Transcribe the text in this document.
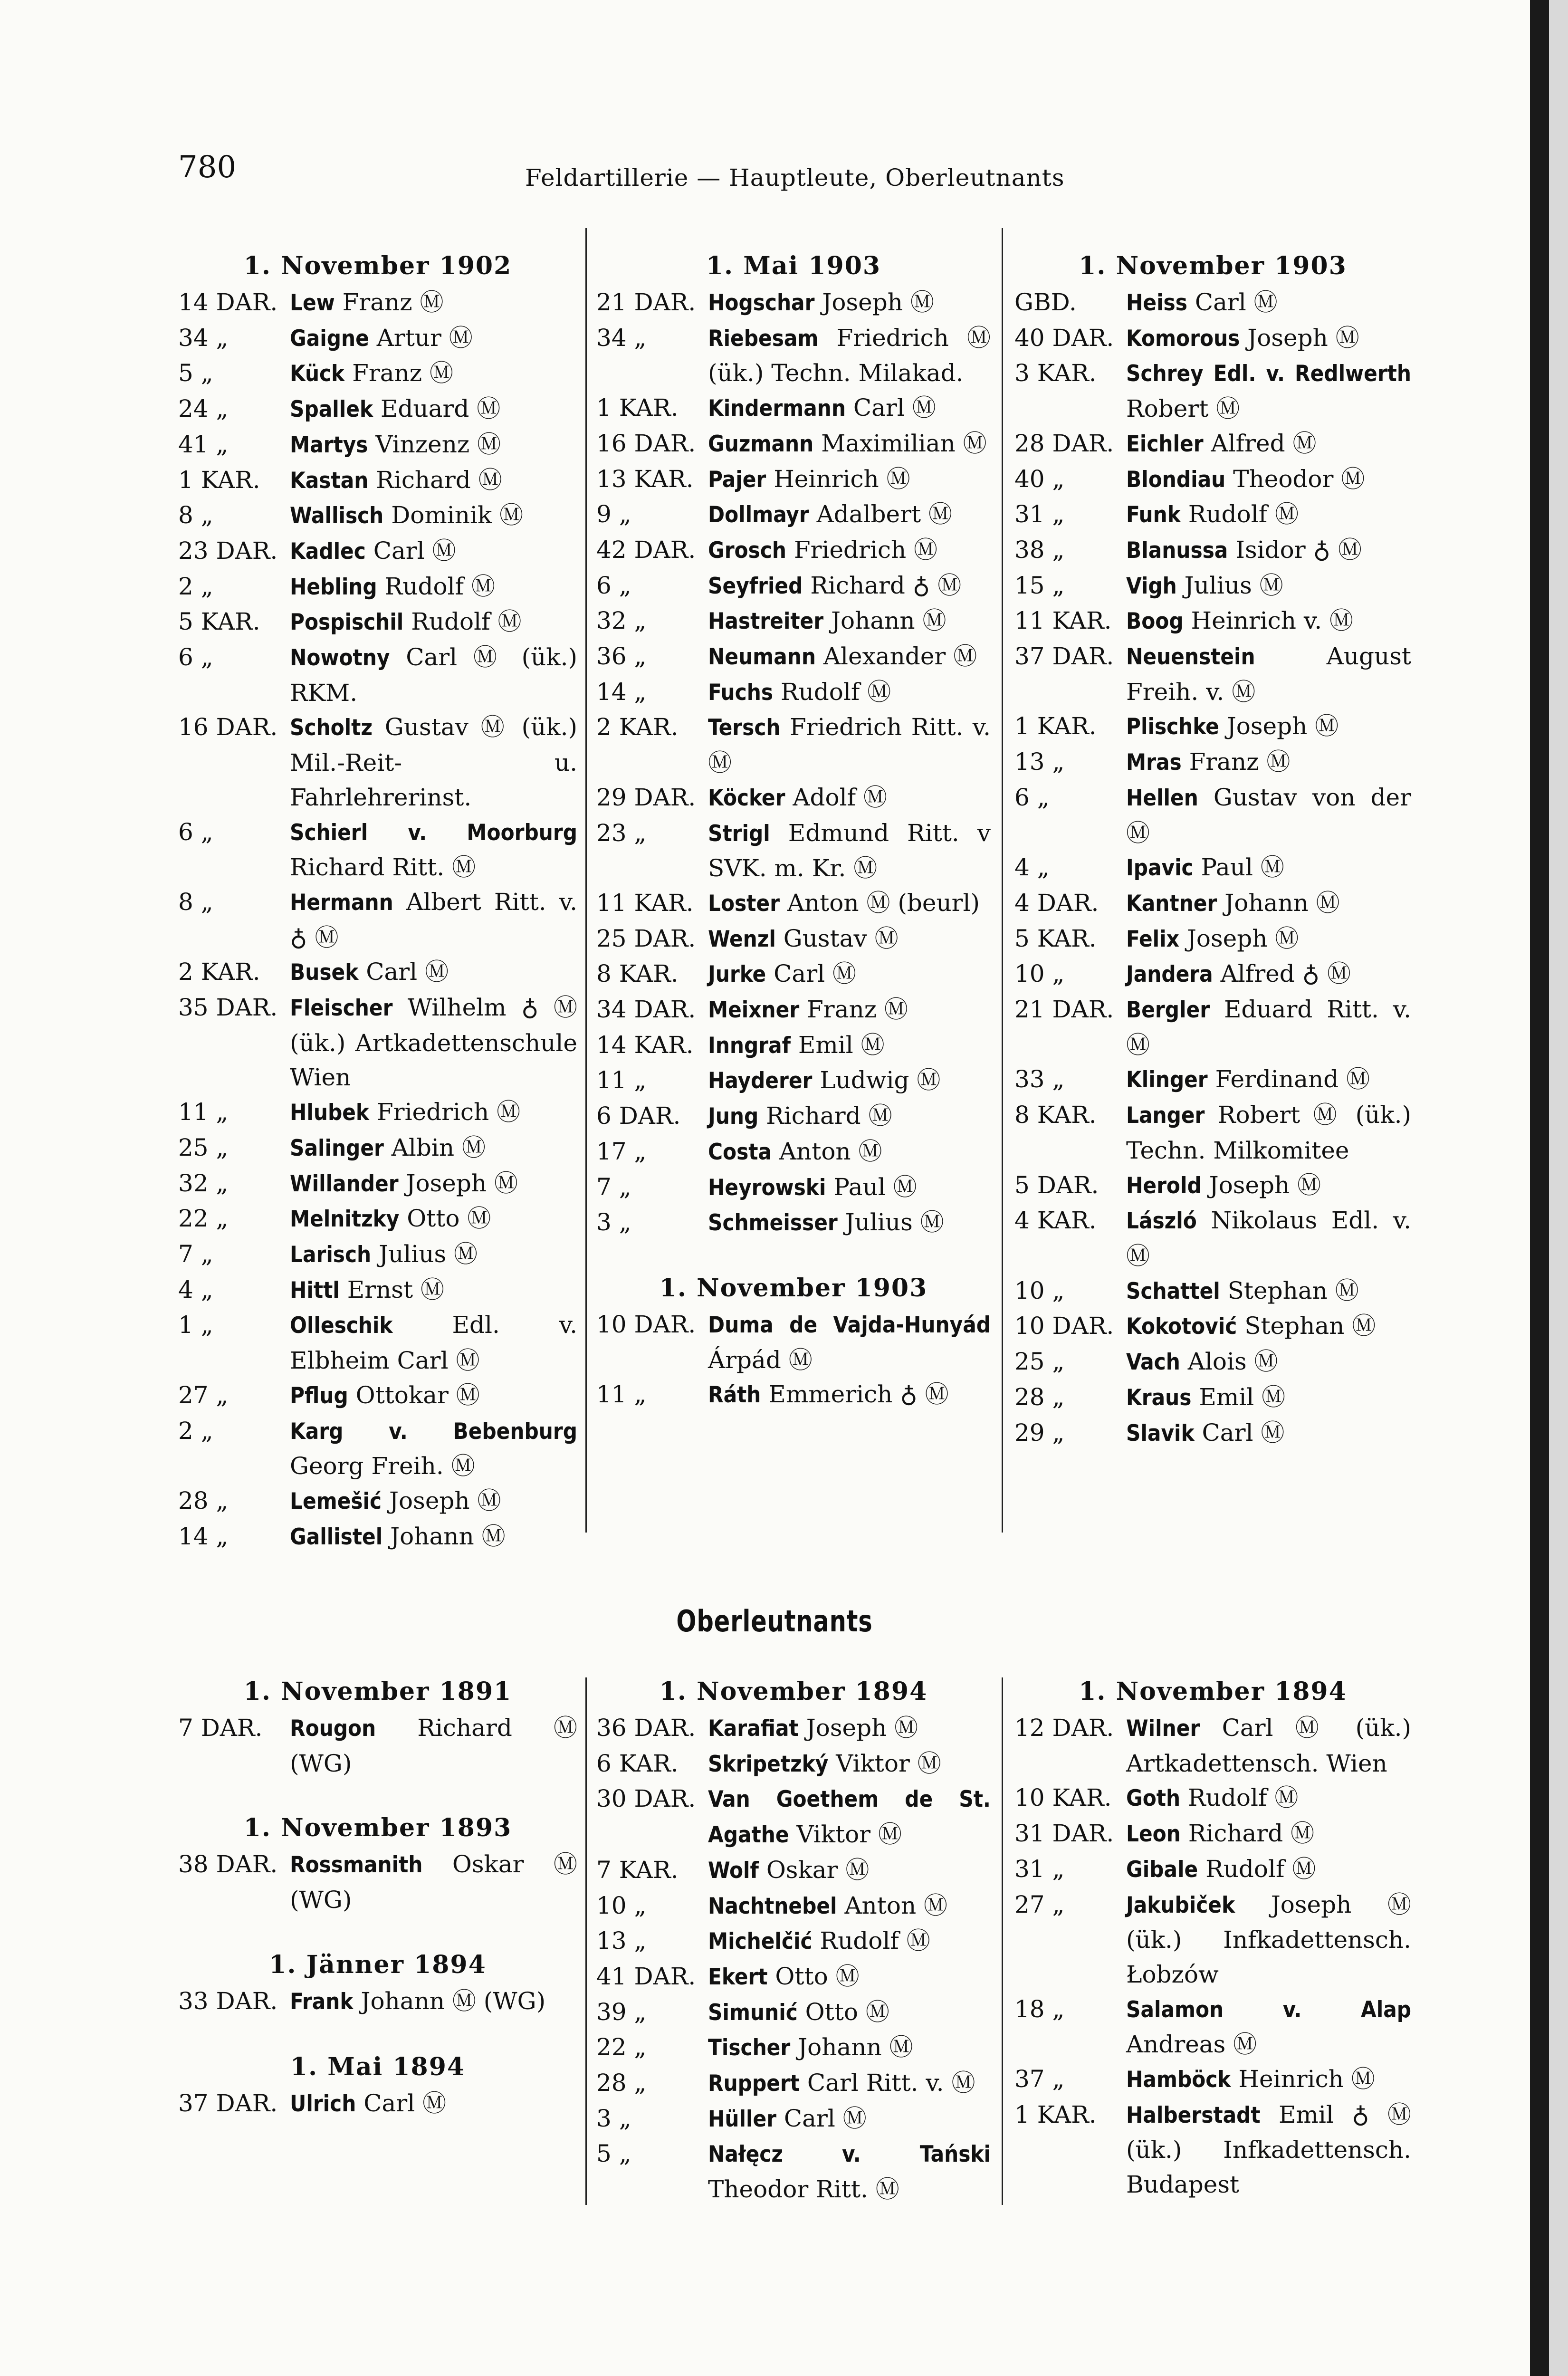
780	Feldartillerie — Hauptleute, Oberleutnants
1. November 1902
14 DAR. Lew Franz Ⓜ
34 „	Gaigne Artur Ⓜ
5 „	Kück Franz Ⓜ
24 „	Spallek Eduard Ⓜ
41 „	Martys Vinzenz Ⓜ
1 KAR.	Kastan Richard Ⓜ
8 „	Wallisch Dominik Ⓜ
23 DAR. Kadlec Carl Ⓜ
2 „	Hebling Rudolf Ⓜ
5 KAR.	Pospischil Rudolf Ⓜ
6 „	Nowotny Carl Ⓜ (ük.) RKM.
16 DAR. Scholtz Gustav Ⓜ (ük.) Mil.-Reit- u. Fahrlehrerinst.
6 „	Schierl v. Moorburg Richard Ritt. Ⓜ
8 „	Hermann Albert Ritt. v. ♁ Ⓜ
2 KAR.	Busek Carl Ⓜ
35 DAR. Fleischer Wilhelm ♁ Ⓜ (ük.) Artkadettenschule Wien
11 „	Hlubek Friedrich Ⓜ
25 „	Salinger Albin Ⓜ
32 „	Willander Joseph Ⓜ
22 „	Melnitzky Otto Ⓜ
7 „	Larisch Julius Ⓜ
4 „	Hittl Ernst Ⓜ
1 „	Olleschik Edl. v. Elbheim Carl Ⓜ
27 „	Pflug Ottokar Ⓜ
2 „	Karg v. Bebenburg Georg Freih. Ⓜ
28 „	Lemešić Joseph Ⓜ
14 „	Gallistel Johann Ⓜ
1. Mai 1903
21 DAR. Hogschar Joseph Ⓜ
34 „	Riebesam Friedrich Ⓜ (ük.) Techn. Milakad.
1 KAR.	Kindermann Carl Ⓜ
16 DAR. Guzmann Maximilian Ⓜ
13 KAR. Pajer Heinrich Ⓜ
9 „	Dollmayr Adalbert Ⓜ
42 DAR. Grosch Friedrich Ⓜ
6 „	Seyfried Richard ♁ Ⓜ
32 „	Hastreiter Johann Ⓜ
36 „	Neumann Alexander Ⓜ
14 „	Fuchs Rudolf Ⓜ
2 KAR.	Tersch Friedrich Ritt. v. Ⓜ
29 DAR. Köcker Adolf Ⓜ
23 „	Strigl Edmund Ritt. v SVK. m. Kr. Ⓜ
11 KAR. Loster Anton Ⓜ (beurl)
25 DAR. Wenzl Gustav Ⓜ
8 KAR.	Jurke Carl Ⓜ
34 DAR. Meixner Franz Ⓜ
14 KAR. Inngraf Emil Ⓜ
11 „	Hayderer Ludwig Ⓜ
6 DAR.	Jung Richard Ⓜ
17 „	Costa Anton Ⓜ
7 „	Heyrowski Paul Ⓜ
3 „	Schmeisser Julius Ⓜ
1. November 1903
10 DAR. Duma de Vajda-Hunyád Árpád Ⓜ
11 „	Ráth Emmerich ♁ Ⓜ
1. November 1903
GBD.	Heiss Carl Ⓜ
40 DAR. Komorous Joseph Ⓜ
3 KAR.	Schrey Edl. v. Redlwerth Robert Ⓜ
28 DAR. Eichler Alfred Ⓜ
40 „	Blondiau Theodor Ⓜ
31 „	Funk Rudolf Ⓜ
38 „	Blanussa Isidor ♁ Ⓜ
15 „	Vigh Julius Ⓜ
11 KAR. Boog Heinrich v. Ⓜ
37 DAR. Neuenstein	August Freih. v. Ⓜ
1 KAR.	Plischke Joseph Ⓜ
13 „	Mras Franz Ⓜ
6 „	Hellen Gustav von der Ⓜ
4 „	Ipavic Paul Ⓜ
4 DAR.	Kantner Johann Ⓜ
5 KAR.	Felix Joseph Ⓜ
10 „	Jandera Alfred ♁ Ⓜ
21 DAR. Bergler Eduard Ritt. v. Ⓜ
33 „	Klinger Ferdinand Ⓜ
8 KAR.	Langer Robert Ⓜ (ük.) Techn. Milkomitee
5 DAR.	Herold Joseph Ⓜ
4 KAR.	László Nikolaus Edl. v. Ⓜ
10 „	Schattel Stephan Ⓜ
10 DAR. Kokotović Stephan Ⓜ
25 „	Vach Alois Ⓜ
28 „	Kraus Emil Ⓜ
29 „	Slavik Carl Ⓜ
Oberleutnants
1. November 1891
7 DAR.	Rougon Richard Ⓜ (WG)
1. November 1893
38 DAR. Rossmanith Oskar Ⓜ (WG)
1. Jänner 1894
33 DAR. Frank Johann Ⓜ (WG)
1. Mai 1894
37 DAR. Ulrich Carl Ⓜ
1. November 1894
36 DAR. Karafiat Joseph Ⓜ
6 KAR.	Skripetzký Viktor Ⓜ
30 DAR. Van Goethem de St. Agathe Viktor Ⓜ
7 KAR.	Wolf Oskar Ⓜ
10 „	Nachtnebel Anton Ⓜ
13 „	Michelčić Rudolf Ⓜ
41 DAR. Ekert Otto Ⓜ
39 „	Simunić Otto Ⓜ
22 „	Tischer Johann Ⓜ
28 „	Ruppert Carl Ritt. v. Ⓜ
3 „	Hüller Carl Ⓜ
5 „	Nałęcz v. Tański Theodor Ritt. Ⓜ
1. November 1894
12 DAR. Wilner Carl Ⓜ (ük.) Artkadettensch. Wien
10 KAR. Goth Rudolf Ⓜ
31 DAR. Leon Richard Ⓜ
31 „	Gibale Rudolf Ⓜ
27 „	Jakubiček Joseph Ⓜ (ük.) Infkadettensch. Łobzów
18 „	Salamon v. Alap Andreas Ⓜ
37 „	Hamböck Heinrich Ⓜ
1 KAR.	Halberstadt Emil ♁ Ⓜ (ük.) Infkadettensch. Budapest
